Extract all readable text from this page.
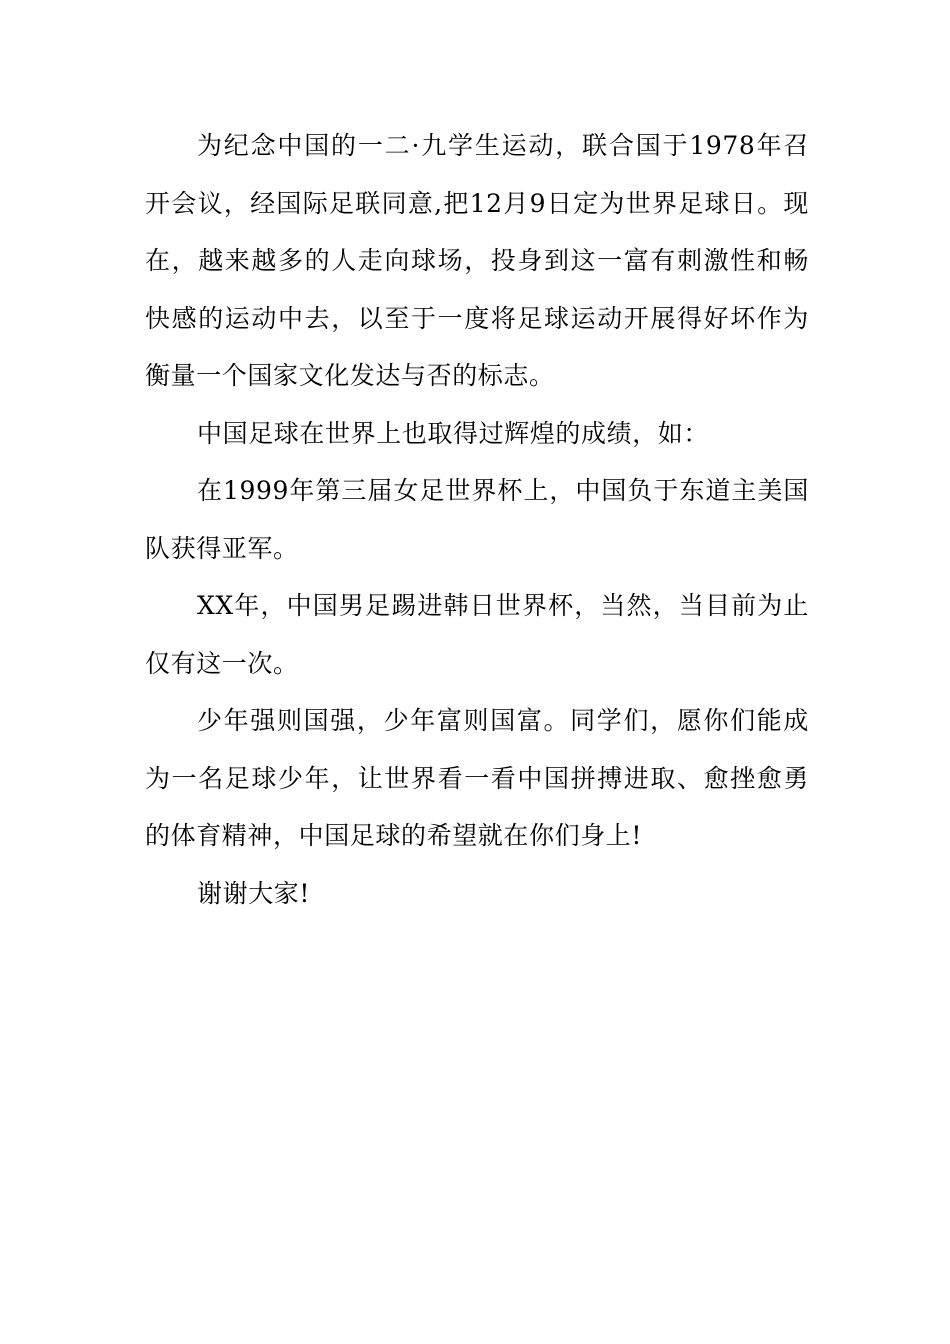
为纪念中国的一二·九学生运动，联合国于1978年召开会议，经国际足联同意,把12月9日定为世界足球日。现在，越来越多的人走向球场，投身到这一富有刺激性和畅快感的运动中去，以至于一度将足球运动开展得好坏作为衡量一个国家文化发达与否的标志。

中国足球在世界上也取得过辉煌的成绩，如：

在1999年第三届女足世界杯上，中国负于东道主美国队获得亚军。

XX年，中国男足踢进韩日世界杯，当然，当目前为止仅有这一次。

少年强则国强，少年富则国富。同学们，愿你们能成为一名足球少年，让世界看一看中国拼搏进取、愈挫愈勇的体育精神，中国足球的希望就在你们身上!

谢谢大家!
